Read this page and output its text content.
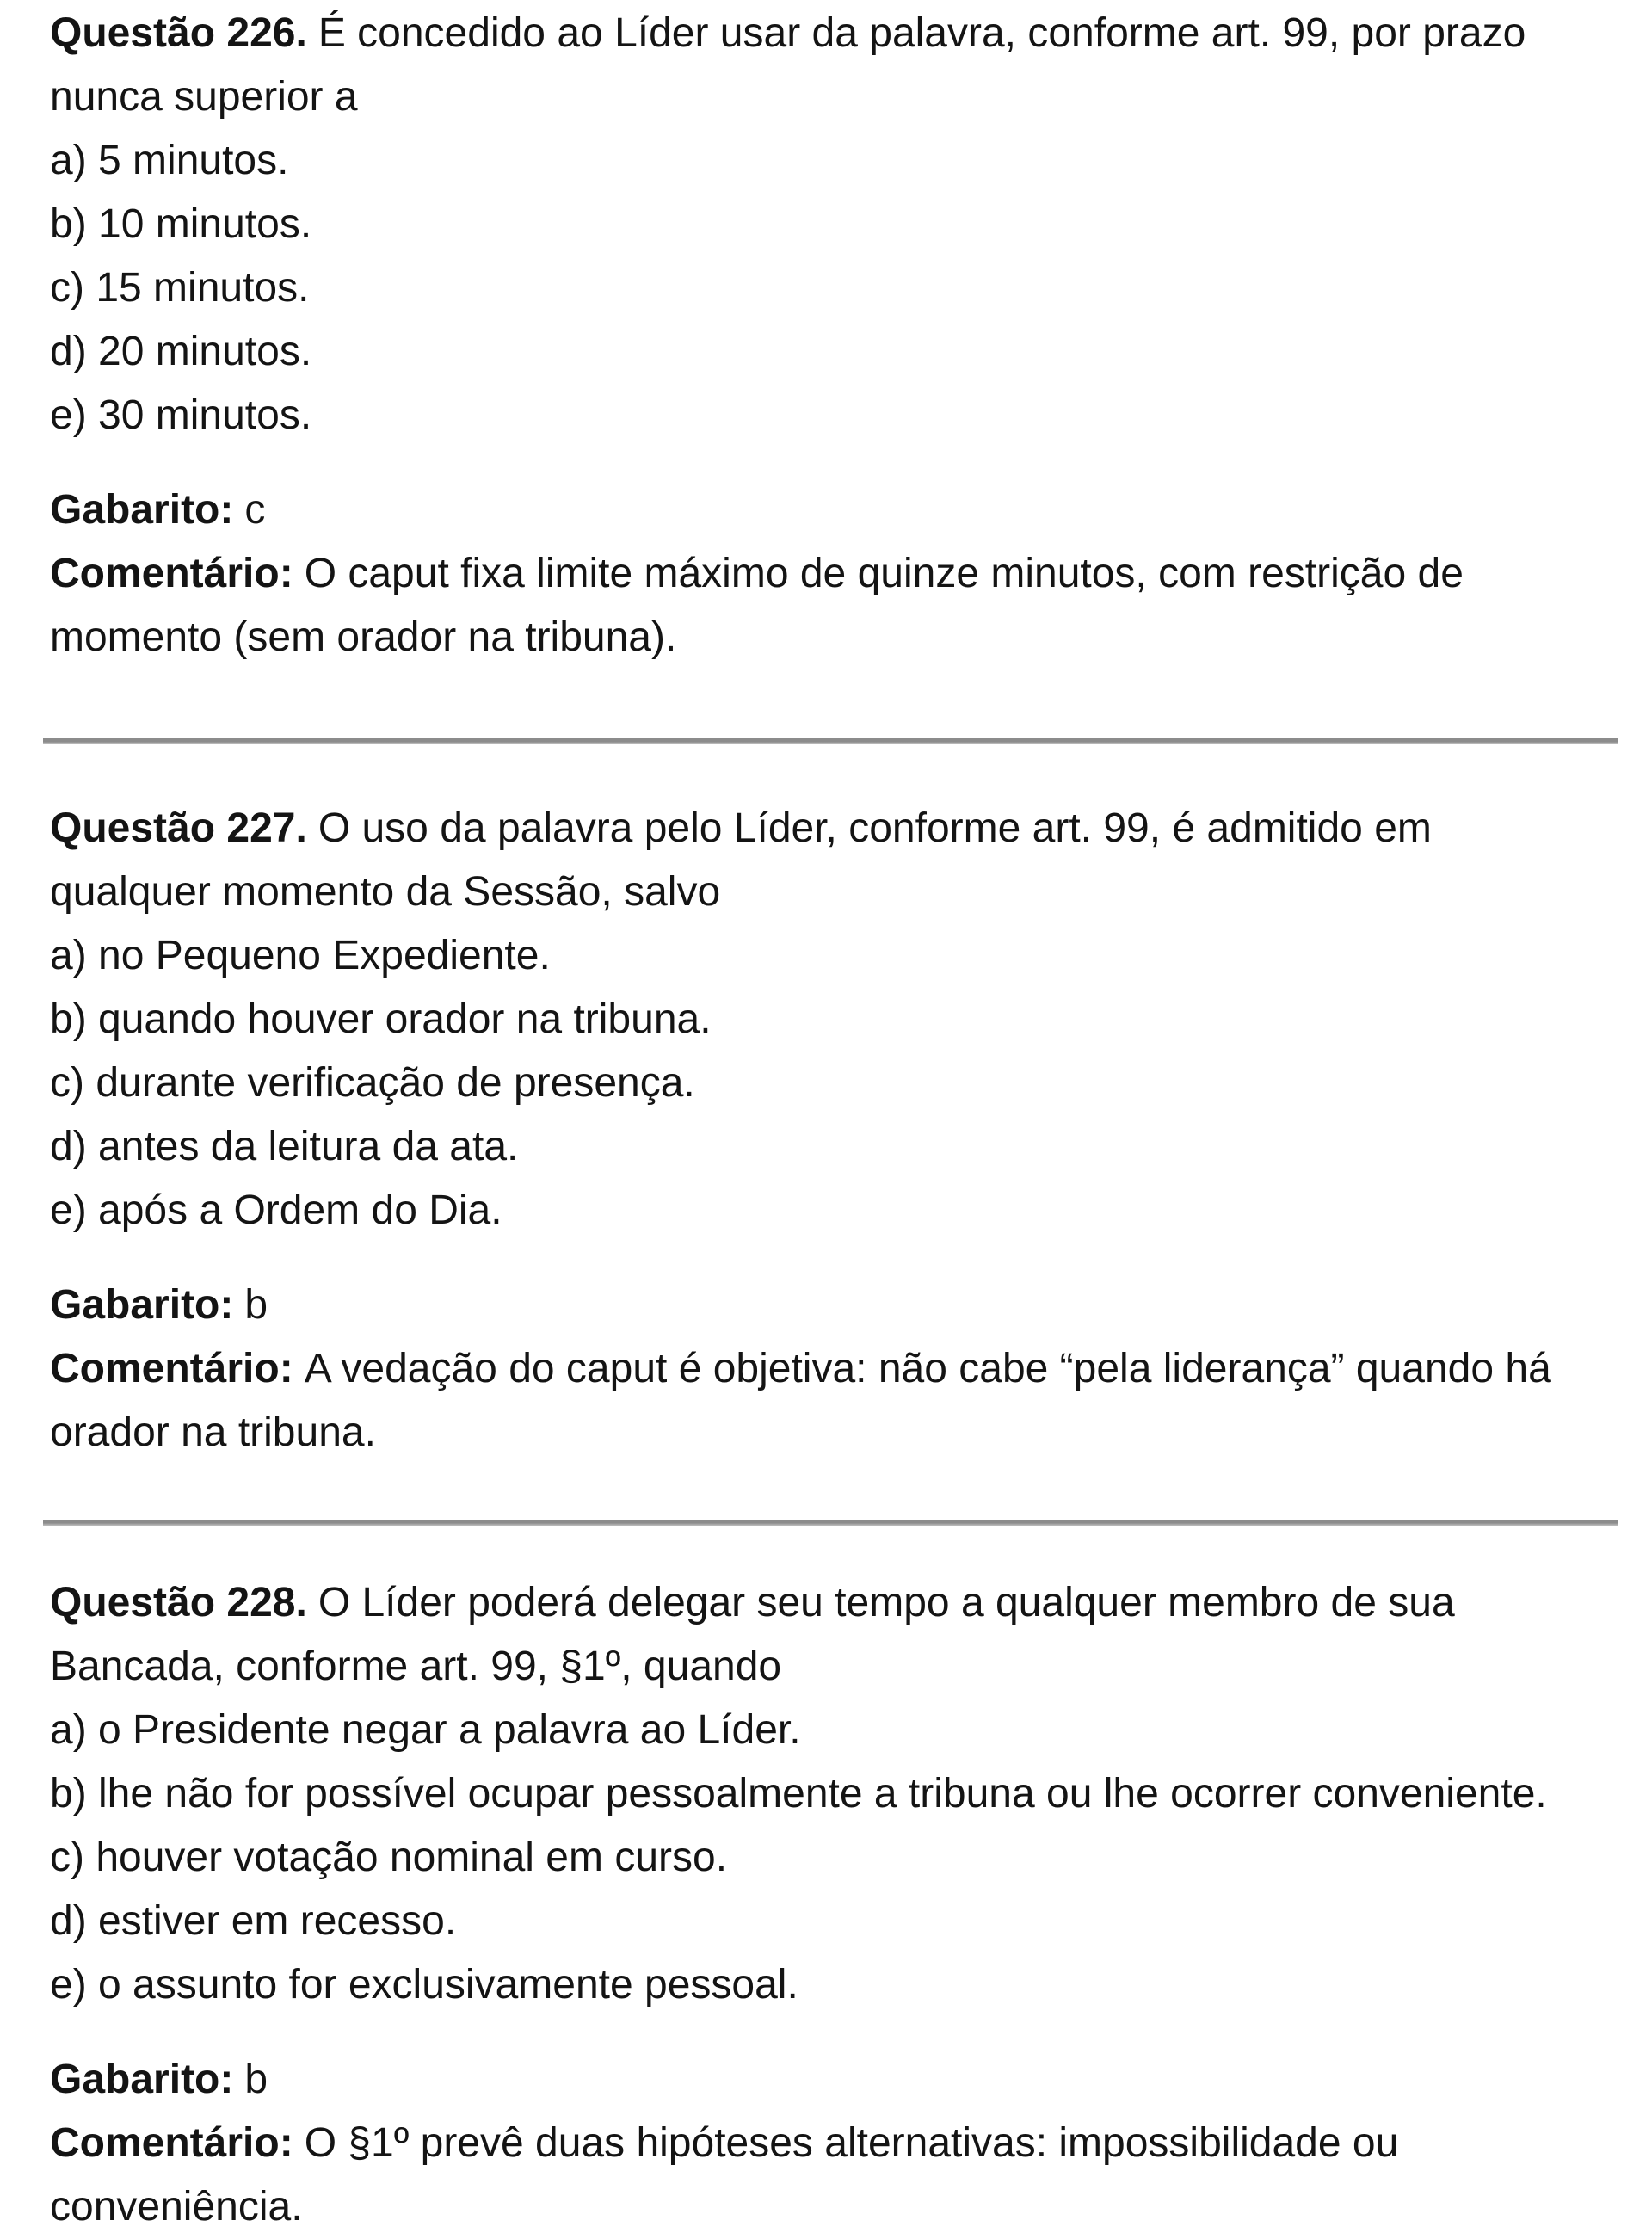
Questão 226. É concedido ao Líder usar da palavra, conforme art. 99, por prazo
nunca superior a
a) 5 minutos.
b) 10 minutos.
c) 15 minutos.
d) 20 minutos.
e) 30 minutos.
Gabarito: c
Comentário: O caput fixa limite máximo de quinze minutos, com restrição de
momento (sem orador na tribuna).
Questão 227. O uso da palavra pelo Líder, conforme art. 99, é admitido em
qualquer momento da Sessão, salvo
a) no Pequeno Expediente.
b) quando houver orador na tribuna.
c) durante verificação de presença.
d) antes da leitura da ata.
e) após a Ordem do Dia.
Gabarito: b
Comentário: A vedação do caput é objetiva: não cabe “pela liderança” quando há
orador na tribuna.
Questão 228. O Líder poderá delegar seu tempo a qualquer membro de sua
Bancada, conforme art. 99, §1º, quando
a) o Presidente negar a palavra ao Líder.
b) lhe não for possível ocupar pessoalmente a tribuna ou lhe ocorrer conveniente.
c) houver votação nominal em curso.
d) estiver em recesso.
e) o assunto for exclusivamente pessoal.
Gabarito: b
Comentário: O §1º prevê duas hipóteses alternativas: impossibilidade ou
conveniência.
